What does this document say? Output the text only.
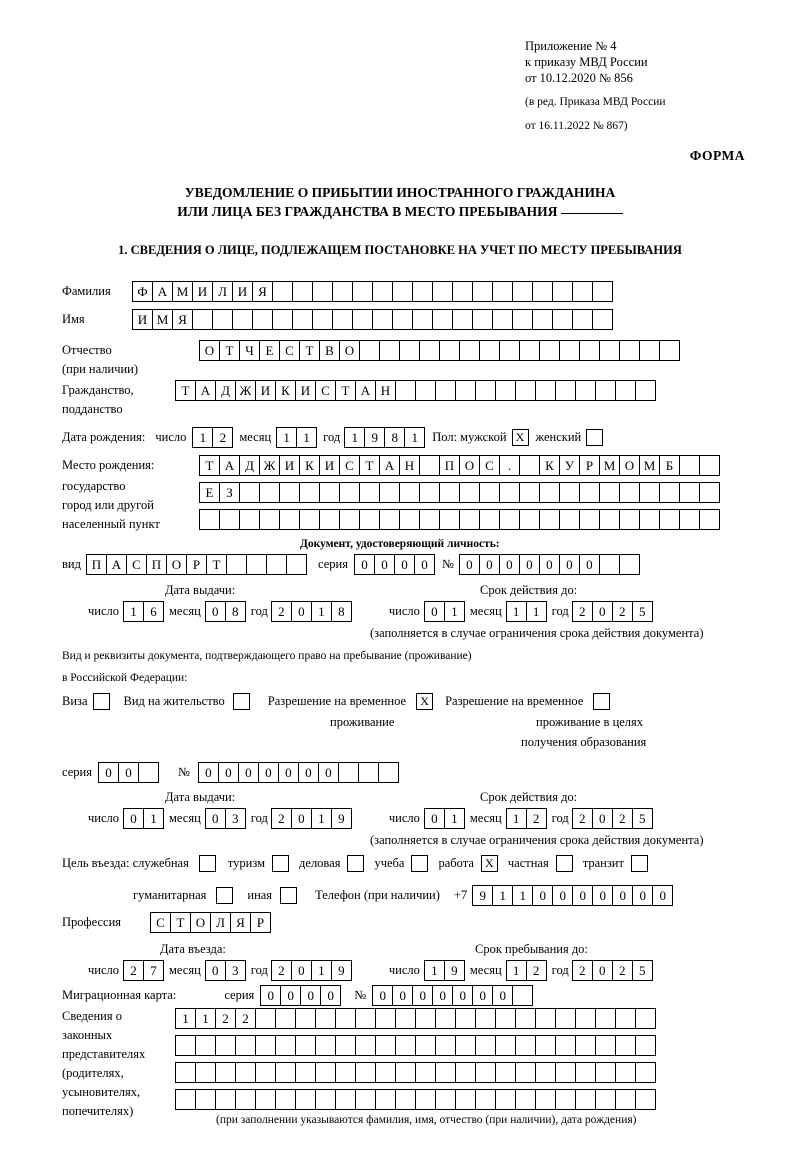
Приложение № 4
к приказу МВД России
от 10.12.2020 № 856
(в ред. Приказа МВД России
от 16.11.2022 № 867)
ФОРМА
УВЕДОМЛЕНИЕ О ПРИБЫТИИ ИНОСТРАННОГО ГРАЖДАНИНА
ИЛИ ЛИЦА БЕЗ ГРАЖДАНСТВА В МЕСТО ПРЕБЫВАНИЯ
1. СВЕДЕНИЯ О ЛИЦЕ, ПОДЛЕЖАЩЕМ ПОСТАНОВКЕ НА УЧЕТ ПО МЕСТУ ПРЕБЫВАНИЯ
Фамилия	Ф А М И Л И Я
Имя	И М Я
Отчество	О Т Ч Е С Т В О
(при наличии)
Гражданство,	Т А Д Ж И К И С Т А Н
подданство
Дата рождения: число	1	2	месяц 1	1	год 1	9	8	1	Пол: мужской X женский
Место рождения:	Т А Д Ж И К И С Т А Н	П О С	.	К У Р М О М Б
Е З
государство
город или другой
населенный пункт
Документ, удостоверяющий личность:
вид П А С П О Р Т	серия	0	0	0	0	№ 0	0	0	0	0	0	0
Дата выдачи:	Срок действия до:
число 1	6 месяц 0	8 год 2	0	1	8	число 0	1 месяц 1	1 год 2	0	2	5
(заполняется в случае ограничения срока действия документа)
Вид и реквизиты документа, подтверждающего право на пребывание (проживание)
в Российской Федерации:
Виза	Вид на жительство	Разрешение на временное	X	Разрешение на временное
проживание	проживание в целях
получения образования
серия	0	0	№	0	0	0	0	0	0	0
Дата выдачи:	Срок действия до:
число 0	1 месяц 0	3 год 2	0	1	9	число 0	1 месяц 1	2 год 2	0	2	5
(заполняется в случае ограничения срока действия документа)
Цель въезда: служебная	туризм	деловая	учеба	работа X	частная	транзит
гуманитарная	иная	Телефон (при наличии) +7 9	1	1	0	0	0	0	0	0	0
Профессия	С Т О Л Я Р
Дата въезда:	Срок пребывания до:
число 2	7 месяц 0	3 год 2	0	1	9	число 1	9 месяц 1	2 год 2	0	2	5
Миграционная карта:	серия	0	0	0	0	№	0	0	0	0	0	0	0
Сведения о
законных
представителях
(родителях,
усыновителях,
попечителях)
1	1	2	2
(при заполнении указываются фамилия, имя, отчество (при наличии), дата рождения)
